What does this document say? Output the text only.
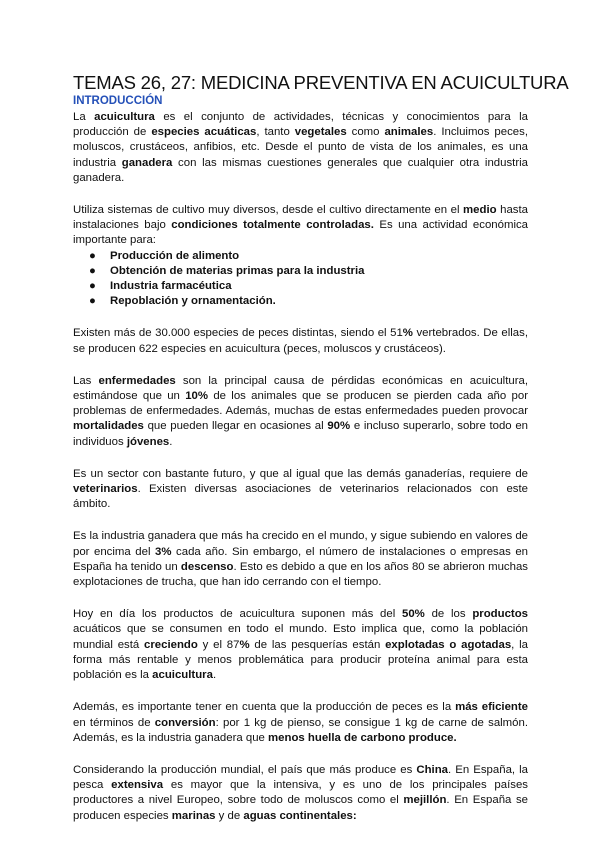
TEMAS 26, 27: MEDICINA PREVENTIVA EN ACUICULTURA
INTRODUCCIÓN

La acuicultura es el conjunto de actividades, técnicas y conocimientos para la producción de especies acuáticas, tanto vegetales como animales. Incluimos peces, moluscos, crustáceos, anfibios, etc. Desde el punto de vista de los animales, es una industria ganadera con las mismas cuestiones generales que cualquier otra industria ganadera.

Utiliza sistemas de cultivo muy diversos, desde el cultivo directamente en el medio hasta instalaciones bajo condiciones totalmente controladas. Es una actividad económica importante para:

● Producción de alimento
● Obtención de materias primas para la industria
● Industria farmacéutica
● Repoblación y ornamentación.

Existen más de 30.000 especies de peces distintas, siendo el 51% vertebrados. De ellas, se producen 622 especies en acuicultura (peces, moluscos y crustáceos).

Las enfermedades son la principal causa de pérdidas económicas en acuicultura, estimándose que un 10% de los animales que se producen se pierden cada año por problemas de enfermedades. Además, muchas de estas enfermedades pueden provocar mortalidades que pueden llegar en ocasiones al 90% e incluso superarlo, sobre todo en individuos jóvenes.

Es un sector con bastante futuro, y que al igual que las demás ganaderías, requiere de veterinarios. Existen diversas asociaciones de veterinarios relacionados con este ámbito.

Es la industria ganadera que más ha crecido en el mundo, y sigue subiendo en valores de por encima del 3% cada año. Sin embargo, el número de instalaciones o empresas en España ha tenido un descenso. Esto es debido a que en los años 80 se abrieron muchas explotaciones de trucha, que han ido cerrando con el tiempo.

Hoy en día los productos de acuicultura suponen más del 50% de los productos acuáticos que se consumen en todo el mundo. Esto implica que, como la población mundial está creciendo y el 87% de las pesquerías están explotadas o agotadas, la forma más rentable y menos problemática para producir proteína animal para esta población es la acuicultura.

Además, es importante tener en cuenta que la producción de peces es la más eficiente en términos de conversión: por 1 kg de pienso, se consigue 1 kg de carne de salmón. Además, es la industria ganadera que menos huella de carbono produce.

Considerando la producción mundial, el país que más produce es China. En España, la pesca extensiva es mayor que la intensiva, y es uno de los principales países productores a nivel Europeo, sobre todo de moluscos como el mejillón. En España se producen especies marinas y de aguas continentales:
